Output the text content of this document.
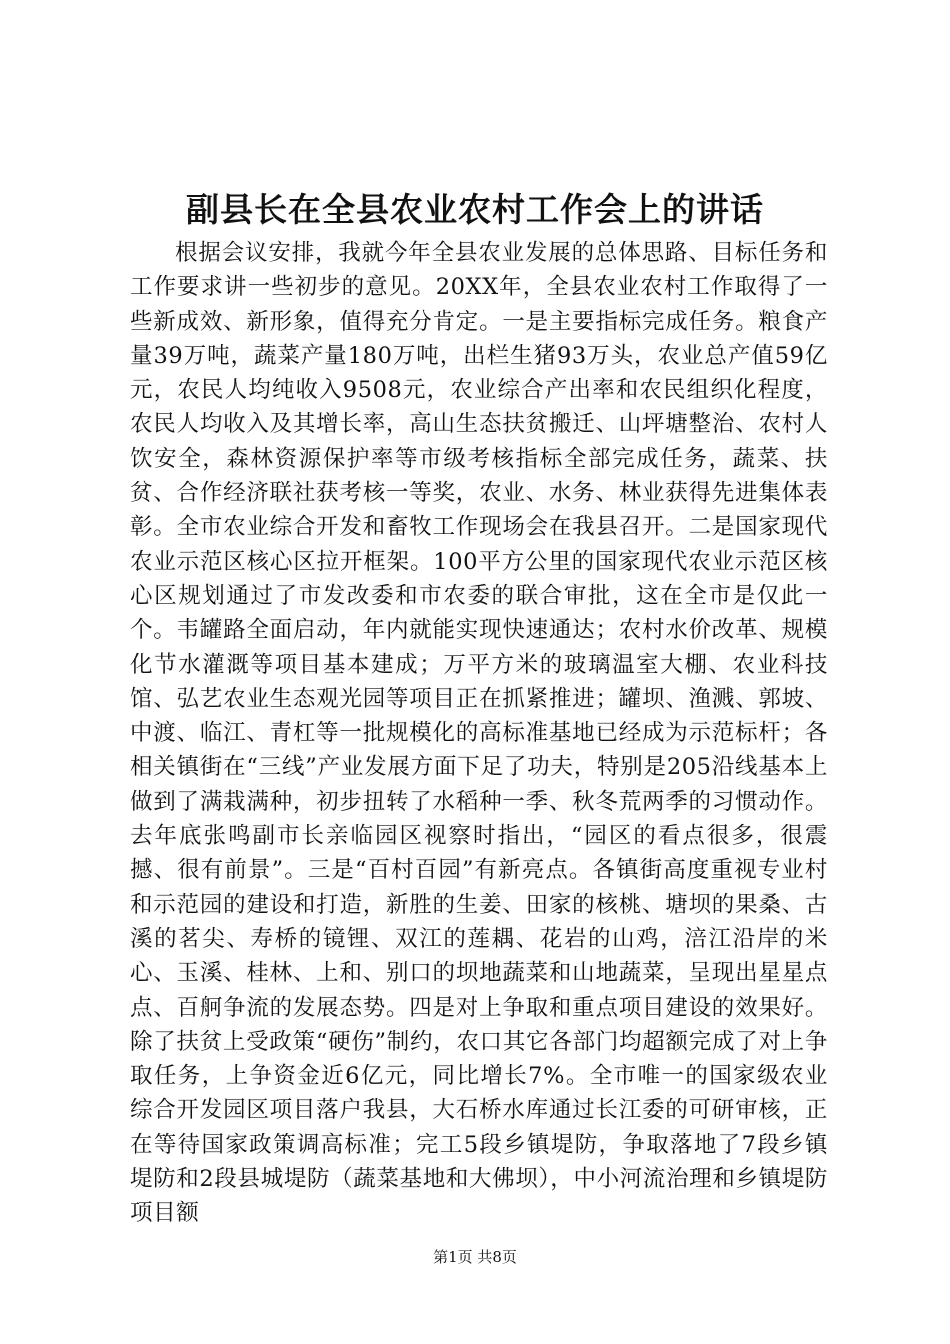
副县长在全县农业农村工作会上的讲话

根据会议安排，我就今年全县农业发展的总体思路、目标任务和工作要求讲一些初步的意见。20XX年，全县农业农村工作取得了一些新成效、新形象，值得充分肯定。一是主要指标完成任务。粮食产量39万吨，蔬菜产量180万吨，出栏生猪93万头，农业总产值59亿元，农民人均纯收入9508元，农业综合产出率和农民组织化程度，农民人均收入及其增长率，高山生态扶贫搬迁、山坪塘整治、农村人饮安全，森林资源保护率等市级考核指标全部完成任务，蔬菜、扶贫、合作经济联社获考核一等奖，农业、水务、林业获得先进集体表彰。全市农业综合开发和畜牧工作现场会在我县召开。二是国家现代农业示范区核心区拉开框架。100平方公里的国家现代农业示范区核心区规划通过了市发改委和市农委的联合审批，这在全市是仅此一个。韦罐路全面启动，年内就能实现快速通达；农村水价改革、规模化节水灌溉等项目基本建成；万平方米的玻璃温室大棚、农业科技馆、弘艺农业生态观光园等项目正在抓紧推进；罐坝、渔溅、郭坡、中渡、临江、青杠等一批规模化的高标准基地已经成为示范标杆；各相关镇街在“三线”产业发展方面下足了功夫，特别是205沿线基本上做到了满栽满种，初步扭转了水稻种一季、秋冬荒两季的习惯动作。去年底张鸣副市长亲临园区视察时指出，“园区的看点很多，很震撼、很有前景”。三是“百村百园”有新亮点。各镇街高度重视专业村和示范园的建设和打造，新胜的生姜、田家的核桃、塘坝的果桑、古溪的茗尖、寿桥的镜锂、双江的莲耦、花岩的山鸡，涪江沿岸的米心、玉溪、桂林、上和、别口的坝地蔬菜和山地蔬菜，呈现出星星点点、百舸争流的发展态势。四是对上争取和重点项目建设的效果好。除了扶贫上受政策“硬伤”制约，农口其它各部门均超额完成了对上争取任务，上争资金近6亿元，同比增长7%。全市唯一的国家级农业综合开发园区项目落户我县，大石桥水库通过长江委的可研审核，正在等待国家政策调高标准；完工5段乡镇堤防，争取落地了7段乡镇堤防和2段县城堤防（蔬菜基地和大佛坝），中小河流治理和乡镇堤防项目额

第1页 共8页
